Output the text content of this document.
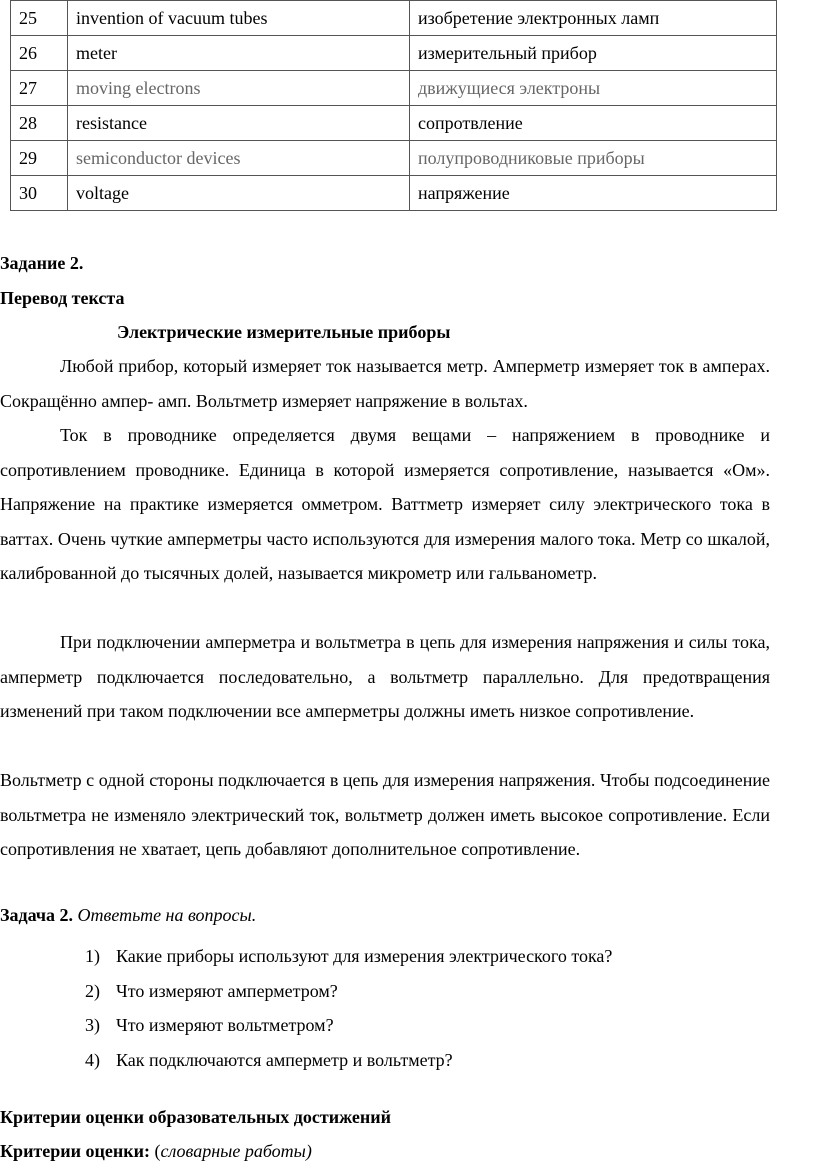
25	invention of vacuum tubes	изобретение электронных ламп
26	meter	измерительный прибор
27	moving electrons	движущиеся электроны
28	resistance	сопротвление
29	semiconductor devices	полупроводниковые приборы
30	voltage	напряжение
Задание 2.
Перевод текста
Электрические измерительные приборы
Любой прибор, который измеряет ток называется метр. Амперметр измеряет ток в амперах. Сокращённо ампер- амп. Вольтметр измеряет напряжение в вольтах.
Ток в проводнике определяется двумя вещами – напряжением в проводнике и сопротивлением проводнике. Единица в которой измеряется сопротивление, называется «Ом». Напряжение на практике измеряется омметром. Ваттметр измеряет силу электрического тока в ваттах. Очень чуткие амперметры часто используются для измерения малого тока. Метр со шкалой, калиброванной до тысячных долей, называется микрометр или гальванометр.
При подключении амперметра и вольтметра в цепь для измерения напряжения и силы тока, амперметр подключается последовательно, а вольтметр параллельно. Для предотвращения изменений при таком подключении все амперметры должны иметь низкое сопротивление.
Вольтметр с одной стороны подключается в цепь для измерения напряжения. Чтобы подсоединение вольтметра не изменяло электрический ток, вольтметр должен иметь высокое сопротивление. Если сопротивления не хватает, цепь добавляют дополнительное сопротивление.
Задача 2. Ответьте на вопросы.
1) Какие приборы используют для измерения электрического тока?
2) Что измеряют амперметром?
3) Что измеряют вольтметром?
4) Как подключаются амперметр и вольтметр?
Критерии оценки образовательных достижений
Критерии оценки: (словарные работы)
